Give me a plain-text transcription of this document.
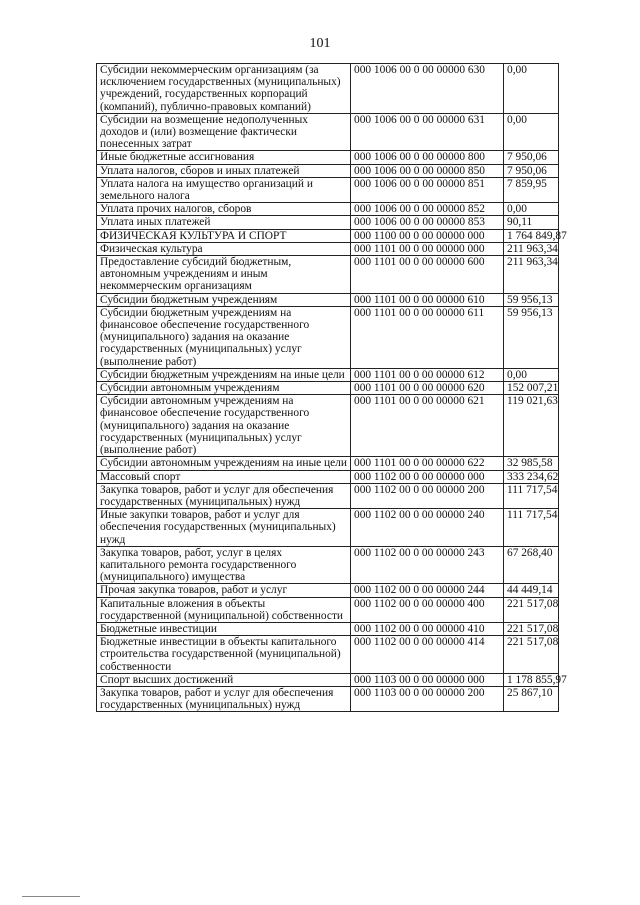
101
Субсидии некоммерческим организациям (за исключением государственных (муниципальных) учреждений, государственных корпораций (компаний), публично-правовых компаний)	000 1006 00 0 00 00000 630	0,00
Субсидии на возмещение недополученных доходов и (или) возмещение фактически понесенных затрат	000 1006 00 0 00 00000 631	0,00
Иные бюджетные ассигнования	000 1006 00 0 00 00000 800	7 950,06
Уплата налогов, сборов и иных платежей	000 1006 00 0 00 00000 850	7 950,06
Уплата налога на имущество организаций и земельного налога	000 1006 00 0 00 00000 851	7 859,95
Уплата прочих налогов, сборов	000 1006 00 0 00 00000 852	0,00
Уплата иных платежей	000 1006 00 0 00 00000 853	90,11
ФИЗИЧЕСКАЯ КУЛЬТУРА И СПОРТ	000 1100 00 0 00 00000 000	1 764 849,87
Физическая культура	000 1101 00 0 00 00000 000	211 963,34
Предоставление субсидий бюджетным, автономным учреждениям и иным некоммерческим организациям	000 1101 00 0 00 00000 600	211 963,34
Субсидии бюджетным учреждениям	000 1101 00 0 00 00000 610	59 956,13
Субсидии бюджетным учреждениям на финансовое обеспечение государственного (муниципального) задания на оказание государственных (муниципальных) услуг (выполнение работ)	000 1101 00 0 00 00000 611	59 956,13
Субсидии бюджетным учреждениям на иные цели	000 1101 00 0 00 00000 612	0,00
Субсидии автономным учреждениям	000 1101 00 0 00 00000 620	152 007,21
Субсидии автономным учреждениям на финансовое обеспечение государственного (муниципального) задания на оказание государственных (муниципальных) услуг (выполнение работ)	000 1101 00 0 00 00000 621	119 021,63
Субсидии автономным учреждениям на иные цели	000 1101 00 0 00 00000 622	32 985,58
Массовый спорт	000 1102 00 0 00 00000 000	333 234,62
Закупка товаров, работ и услуг для обеспечения государственных (муниципальных) нужд	000 1102 00 0 00 00000 200	111 717,54
Иные закупки товаров, работ и услуг для обеспечения государственных (муниципальных) нужд	000 1102 00 0 00 00000 240	111 717,54
Закупка товаров, работ, услуг в целях капитального ремонта государственного (муниципального) имущества	000 1102 00 0 00 00000 243	67 268,40
Прочая закупка товаров, работ и услуг	000 1102 00 0 00 00000 244	44 449,14
Капитальные вложения в объекты государственной (муниципальной) собственности	000 1102 00 0 00 00000 400	221 517,08
Бюджетные инвестиции	000 1102 00 0 00 00000 410	221 517,08
Бюджетные инвестиции в объекты капитального строительства государственной (муниципальной) собственности	000 1102 00 0 00 00000 414	221 517,08
Спорт высших достижений	000 1103 00 0 00 00000 000	1 178 855,97
Закупка товаров, работ и услуг для обеспечения государственных (муниципальных) нужд	000 1103 00 0 00 00000 200	25 867,10
